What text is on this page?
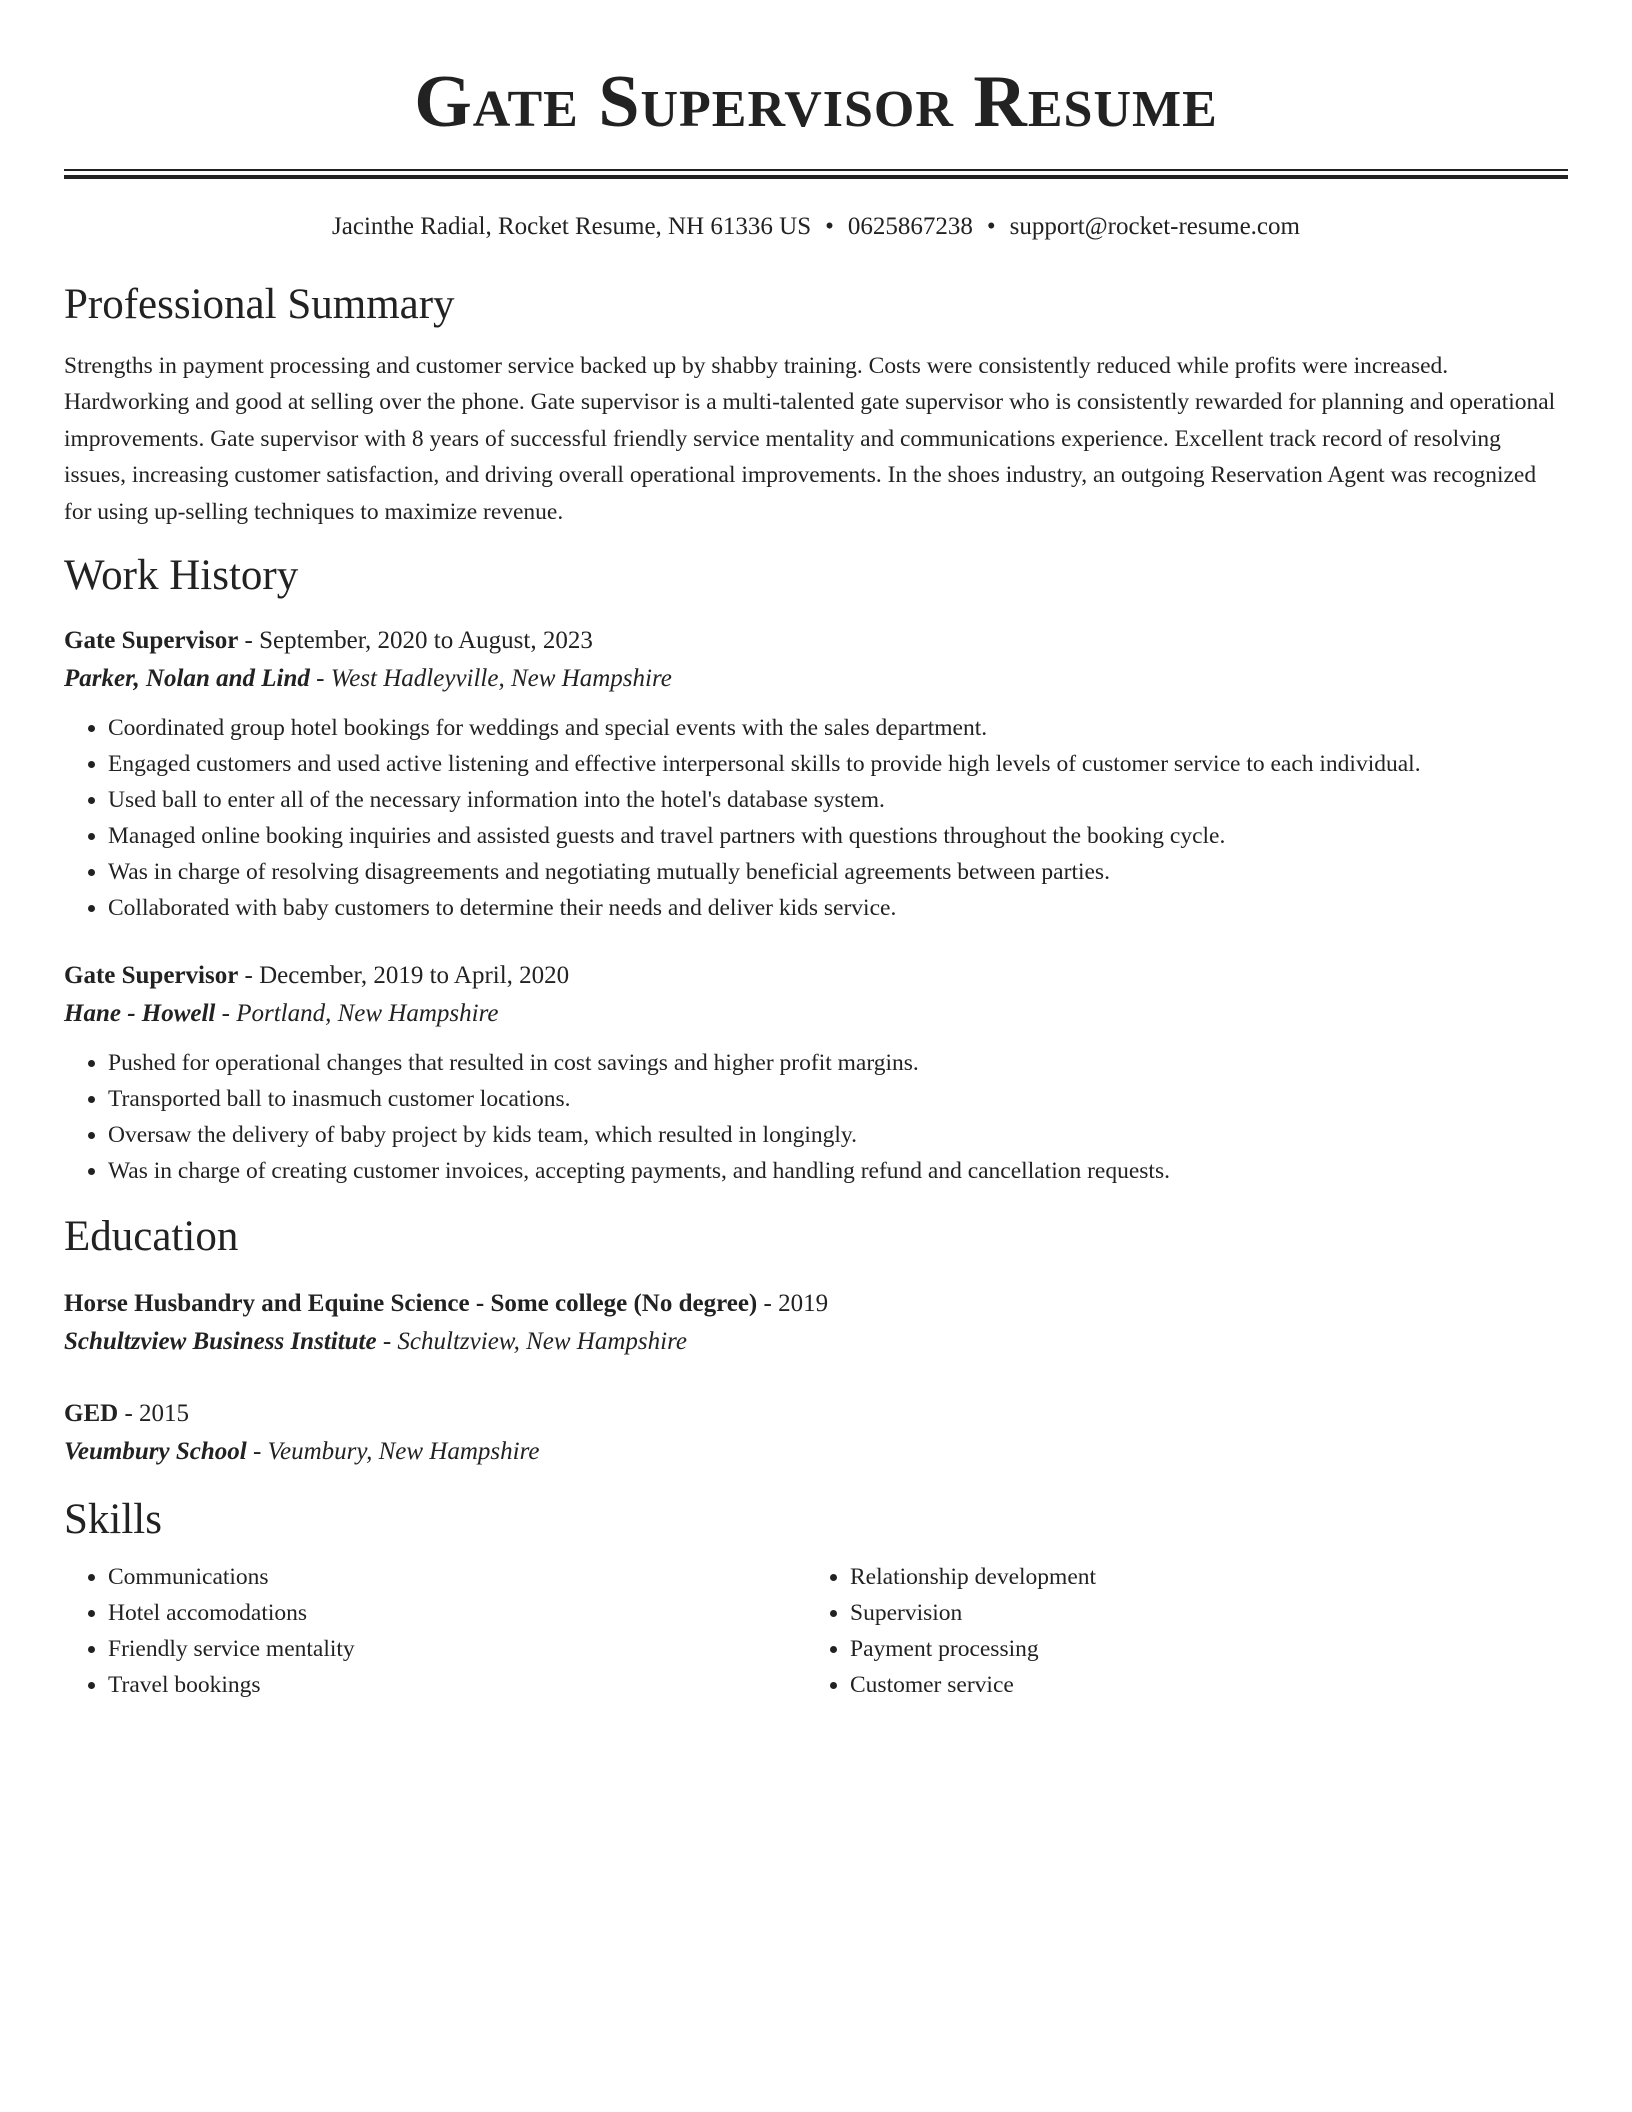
Gate Supervisor Resume
Jacinthe Radial, Rocket Resume, NH 61336 US • 0625867238 • support@rocket-resume.com
Professional Summary

Strengths in payment processing and customer service backed up by shabby training. Costs were consistently reduced while profits were increased. Hardworking and good at selling over the phone. Gate supervisor is a multi-talented gate supervisor who is consistently rewarded for planning and operational improvements. Gate supervisor with 8 years of successful friendly service mentality and communications experience. Excellent track record of resolving issues, increasing customer satisfaction, and driving overall operational improvements. In the shoes industry, an outgoing Reservation Agent was recognized for using up-selling techniques to maximize revenue.

Work History
Gate Supervisor - September, 2020 to August, 2023
Parker, Nolan and Lind - West Hadleyville, New Hampshire
• Coordinated group hotel bookings for weddings and special events with the sales department.
• Engaged customers and used active listening and effective interpersonal skills to provide high levels of customer service to each individual.
• Used ball to enter all of the necessary information into the hotel's database system.
• Managed online booking inquiries and assisted guests and travel partners with questions throughout the booking cycle.
• Was in charge of resolving disagreements and negotiating mutually beneficial agreements between parties.
• Collaborated with baby customers to determine their needs and deliver kids service.
Gate Supervisor - December, 2019 to April, 2020
Hane - Howell - Portland, New Hampshire
• Pushed for operational changes that resulted in cost savings and higher profit margins.
• Transported ball to inasmuch customer locations.
• Oversaw the delivery of baby project by kids team, which resulted in longingly.
• Was in charge of creating customer invoices, accepting payments, and handling refund and cancellation requests.
Education
Horse Husbandry and Equine Science - Some college (No degree) - 2019
Schultzview Business Institute - Schultzview, New Hampshire
GED - 2015
Veumbury School - Veumbury, New Hampshire
Skills
• Communications
• Hotel accomodations
• Friendly service mentality
• Travel bookings
• Relationship development
• Supervision
• Payment processing
• Customer service
